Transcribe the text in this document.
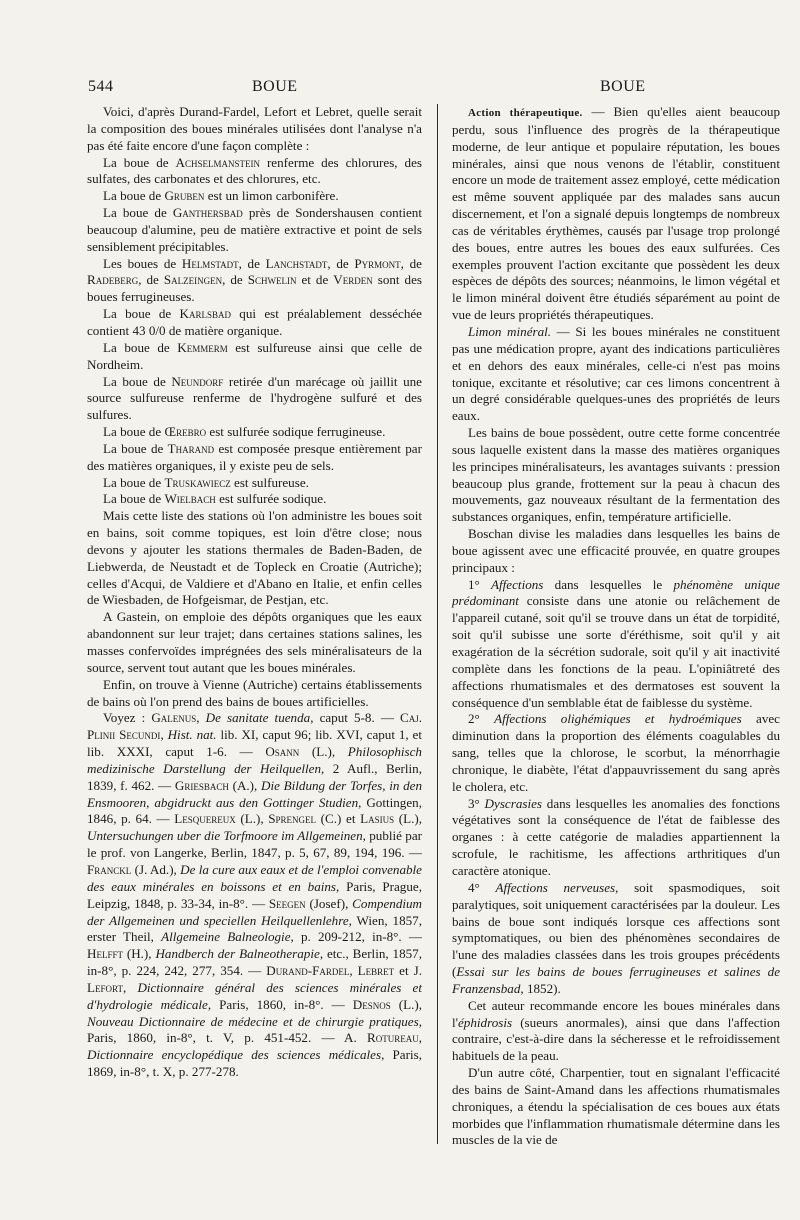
544	BOUE	BOUE

Voici, d'après Durand-Fardel, Lefort et Lebret, quelle serait la composition des boues minérales utilisées dont l'analyse n'a pas été faite encore d'une façon complète :

La boue de Achselmanstein renferme des chlorures, des sulfates, des carbonates et des chlorures, etc.

La boue de Gruben est un limon carbonifère.

La boue de Ganthersbad près de Sondershausen contient beaucoup d'alumine, peu de matière extractive et point de sels sensiblement précipitables.

Les boues de Helmstadt, de Lanchstadt, de Pyrmont, de Radeberg, de Salzeingen, de Schwelin et de Verden sont des boues ferrugineuses.

La boue de Karlsbad qui est préalablement desséchée contient 43 0/0 de matière organique.

La boue de Kemmerm est sulfureuse ainsi que celle de Nordheim.

La boue de Neundorf retirée d'un marécage où jaillit une source sulfureuse renferme de l'hydrogène sulfuré et des sulfures.

La boue de Œrebro est sulfurée sodique ferrugineuse.

La boue de Tharand est composée presque entièrement par des matières organiques, il y existe peu de sels.

La boue de Truskawiecz est sulfureuse.

La boue de Wielbach est sulfurée sodique.

Mais cette liste des stations où l'on administre les boues soit en bains, soit comme topiques, est loin d'être close; nous devons y ajouter les stations thermales de Baden-Baden, de Liebwerda, de Neustadt et de Topleck en Croatie (Autriche); celles d'Acqui, de Valdiere et d'Abano en Italie, et enfin celles de Wiesbaden, de Hofgeismar, de Pestjan, etc.

A Gastein, on emploie des dépôts organiques que les eaux abandonnent sur leur trajet; dans certaines stations salines, les masses confervoïdes imprégnées des sels minéralisateurs de la source, servent tout autant que les boues minérales.

Enfin, on trouve à Vienne (Autriche) certains établissements de bains où l'on prend des bains de boues artificielles.

Voyez : Galenus, De sanitate tuenda, caput 5-8. — Caj. Plinii Secundi, Hist. nat. lib. XI, caput 96; lib. XVI, caput 1, et lib. XXXI, caput 1-6. — Osann (L.), Philosophisch medizinische Darstellung der Heilquellen, 2 Aufl., Berlin, 1839, f. 462. — Griesbach (A.), Die Bildung der Torfes, in den Ensmooren, abgidruckt aus den Gottinger Studien, Gottingen, 1846, p. 64. — Lesquereux (L.), Sprengel (C.) et Lasius (L.), Untersuchungen uber die Torfmoore im Allgemeinen, publié par le prof. von Langerke, Berlin, 1847, p. 5, 67, 89, 194, 196. — Franckl (J. Ad.), De la cure aux eaux et de l'emploi convenable des eaux minérales en boissons et en bains, Paris, Prague, Leipzig, 1848, p. 33-34, in-8°. — Seegen (Josef), Compendium der Allgemeinen und speciellen Heilquellenlehre, Wien, 1857, erster Theil, Allgemeine Balneologie, p. 209-212, in-8°. — Helfft (H.), Handberch der Balneotherapie, etc., Berlin, 1857, in-8°, p. 224, 242, 277, 354. — Durand-Fardel, Lebret et J. Lefort, Dictionnaire général des sciences minérales et d'hydrologie médicale, Paris, 1860, in-8°. — Desnos (L.), Nouveau Dictionnaire de médecine et de chirurgie pratiques, Paris, 1860, in-8°, t. V, p. 451-452. — A. Rotureau, Dictionnaire encyclopédique des sciences médicales, Paris, 1869, in-8°, t. X, p. 277-278.

Action thérapeutique. — Bien qu'elles aient beaucoup perdu, sous l'influence des progrès de la thérapeutique moderne, de leur antique et populaire réputation, les boues minérales, ainsi que nous venons de l'établir, constituent encore un mode de traitement assez employé, cette médication est même souvent appliquée par des malades sans aucun discernement, et l'on a signalé depuis longtemps de nombreux cas de véritables érythèmes, causés par l'usage trop prolongé des boues, entre autres les boues des eaux sulfurées. Ces exemples prouvent l'action excitante que possèdent les deux espèces de dépôts des sources; néanmoins, le limon végétal et le limon minéral doivent être étudiés séparément au point de vue de leurs propriétés thérapeutiques.

Limon minéral. — Si les boues minérales ne constituent pas une médication propre, ayant des indications particulières et en dehors des eaux minérales, celle-ci n'est pas moins tonique, excitante et résolutive; car ces limons concentrent à un degré considérable quelques-unes des propriétés de leurs eaux.

Les bains de boue possèdent, outre cette forme concentrée sous laquelle existent dans la masse des matières organiques les principes minéralisateurs, les avantages suivants : pression beaucoup plus grande, frottement sur la peau à chacun des mouvements, gaz nouveaux résultant de la fermentation des substances organiques, enfin, température artificielle.

Boschan divise les maladies dans lesquelles les bains de boue agissent avec une efficacité prouvée, en quatre groupes principaux :

1° Affections dans lesquelles le phénomène unique prédominant consiste dans une atonie ou relâchement de l'appareil cutané, soit qu'il se trouve dans un état de torpidité, soit qu'il subisse une sorte d'éréthisme, soit qu'il y ait exagération de la sécrétion sudorale, soit qu'il y ait inactivité complète dans les fonctions de la peau. L'opiniâtreté des affections rhumatismales et des dermatoses est souvent la conséquence d'un semblable état de faiblesse du système.

2° Affections olighémiques et hydroémiques avec diminution dans la proportion des éléments coagulables du sang, telles que la chlorose, le scorbut, la ménorrhagie chronique, le diabète, l'état d'appauvrissement du sang après le cholera, etc.

3° Dyscrasies dans lesquelles les anomalies des fonctions végétatives sont la conséquence de l'état de faiblesse des organes : à cette catégorie de maladies appartiennent la scrofule, le rachitisme, les affections arthritiques d'un caractère atonique.

4° Affections nerveuses, soit spasmodiques, soit paralytiques, soit uniquement caractérisées par la douleur. Les bains de boue sont indiqués lorsque ces affections sont symptomatiques, ou bien des phénomènes secondaires de l'une des maladies classées dans les trois groupes précédents (Essai sur les bains de boues ferrugineuses et salines de Franzensbad, 1852).

Cet auteur recommande encore les boues minérales dans l'éphidrosis (sueurs anormales), ainsi que dans l'affection contraire, c'est-à-dire dans la sécheresse et le refroidissement habituels de la peau.

D'un autre côté, Charpentier, tout en signalant l'efficacité des bains de Saint-Amand dans les affections rhumatismales chroniques, a étendu la spécialisation de ces boues aux états morbides que l'inflammation rhumatismale détermine dans les muscles de la vie de
